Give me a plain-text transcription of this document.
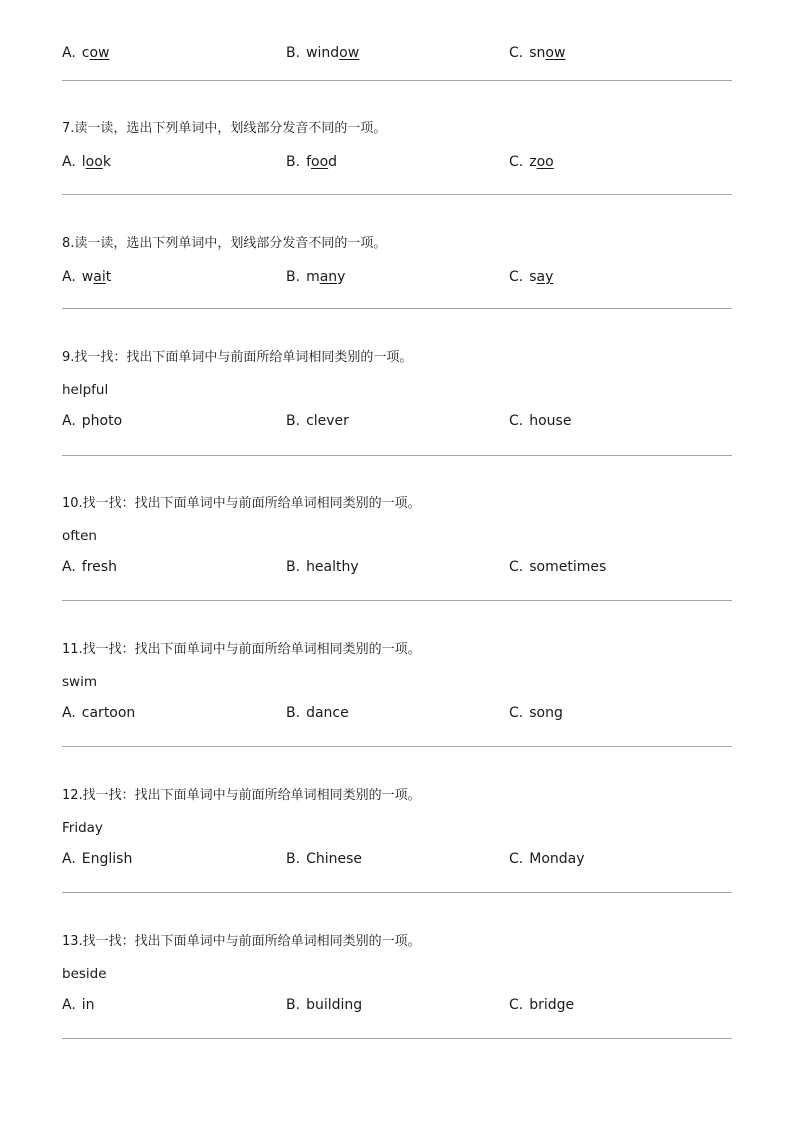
A. cow	B. window	C. snow
7.读一读，选出下列单词中，划线部分发音不同的一项。
A. look	B. food	C. zoo
8.读一读，选出下列单词中，划线部分发音不同的一项。
A. wait	B. many	C. say
9.找一找：找出下面单词中与前面所给单词相同类别的一项。
helpful
A. photo	B. clever	C. house
10.找一找：找出下面单词中与前面所给单词相同类别的一项。
often
A. fresh	B. healthy	C. sometimes
11.找一找：找出下面单词中与前面所给单词相同类别的一项。
swim
A. cartoon	B. dance	C. song
12.找一找：找出下面单词中与前面所给单词相同类别的一项。
Friday
A. English	B. Chinese	C. Monday
13.找一找：找出下面单词中与前面所给单词相同类别的一项。
beside
A. in	B. building	C. bridge
